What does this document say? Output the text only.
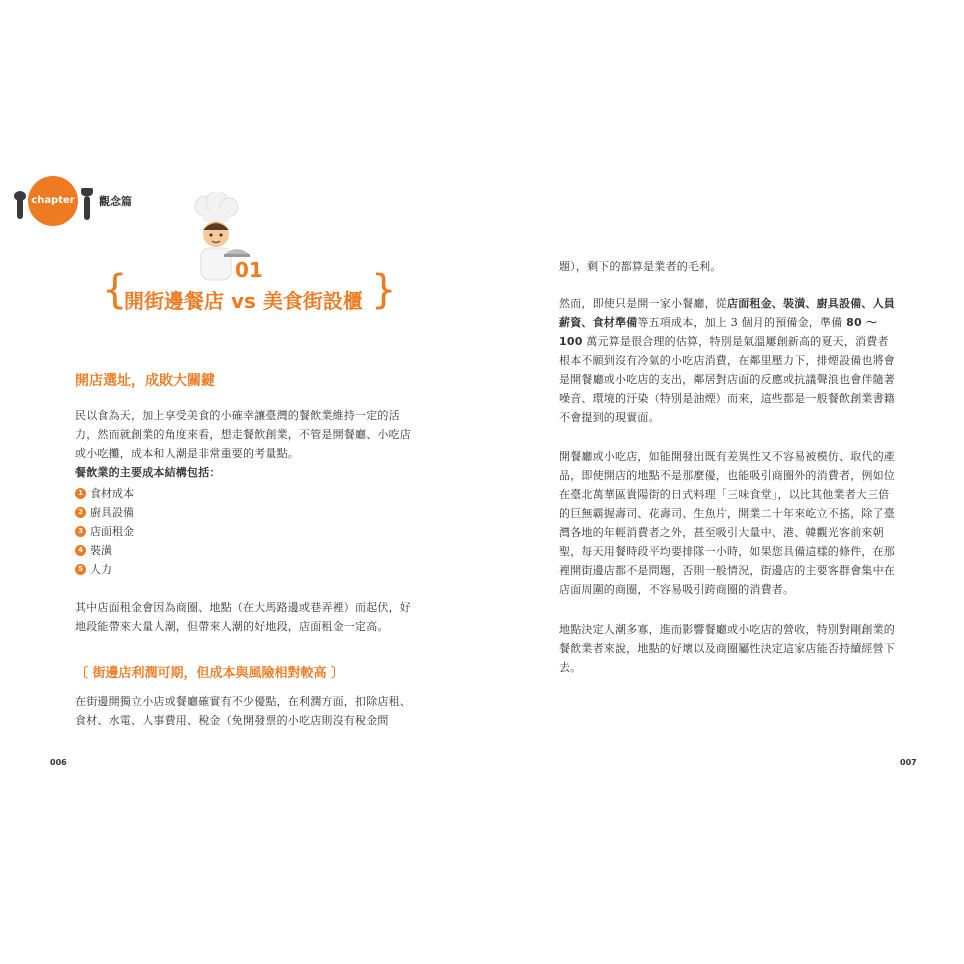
chapter 1
觀念篇
01
{
開街邊餐店 vs 美食街設櫃 }
開店選址，成敗大關鍵
民以食為天，加上享受美食的小確幸讓臺灣的餐飲業維持一定的活力，然而就創業的角度來看，想走餐飲創業，不管是開餐廳、小吃店或小吃攤，成本和人潮是非常重要的考量點。
餐飲業的主要成本結構包括：
1 食材成本
2 廚具設備
3 店面租金
4 裝潢
5 人力
其中店面租金會因為商圈、地點（在大馬路邊或巷弄裡）而起伏，好地段能帶來大量人潮，但帶來人潮的好地段，店面租金一定高。
〔 街邊店利潤可期，但成本與風險相對較高 〕
在街邊開獨立小店或餐廳確實有不少優點，在利潤方面，扣除店租、食材、水電、人事費用、稅金（免開發票的小吃店則沒有稅金問
006
題），剩下的都算是業者的毛利。
然而，即使只是開一家小餐廳，從店面租金、裝潢、廚具設備、人員薪資、食材準備等五項成本，加上 3 個月的預備金，準備 80 ～ 100 萬元算是很合理的估算，特別是氣溫屢創新高的夏天，消費者根本不願到沒有冷氣的小吃店消費，在鄰里壓力下，排煙設備也將會是開餐廳或小吃店的支出，鄰居對店面的反應或抗議聲浪也會伴隨著噪音、環境的汙染（特別是油煙）而來，這些都是一般餐飲創業書籍不會提到的現實面。
開餐廳或小吃店，如能開發出既有差異性又不容易被模仿、取代的產品，即使開店的地點不是那麼優，也能吸引商圈外的消費者，例如位在臺北萬華區貴陽街的日式料理「三味食堂」，以比其他業者大三倍的巨無霸握壽司、花壽司、生魚片，開業二十年來屹立不搖，除了臺灣各地的年輕消費者之外，甚至吸引大量中、港、韓觀光客前來朝聖，每天用餐時段平均要排隊一小時，如果您具備這樣的條件，在那裡開街邊店都不是問題，否則一般情況，街邊店的主要客群會集中在店面周圍的商圈，不容易吸引跨商圈的消費者。
地點決定人潮多寡，進而影響餐廳或小吃店的營收，特別對剛創業的餐飲業者來說，地點的好壞以及商圈屬性決定這家店能否持續經營下去。
007
